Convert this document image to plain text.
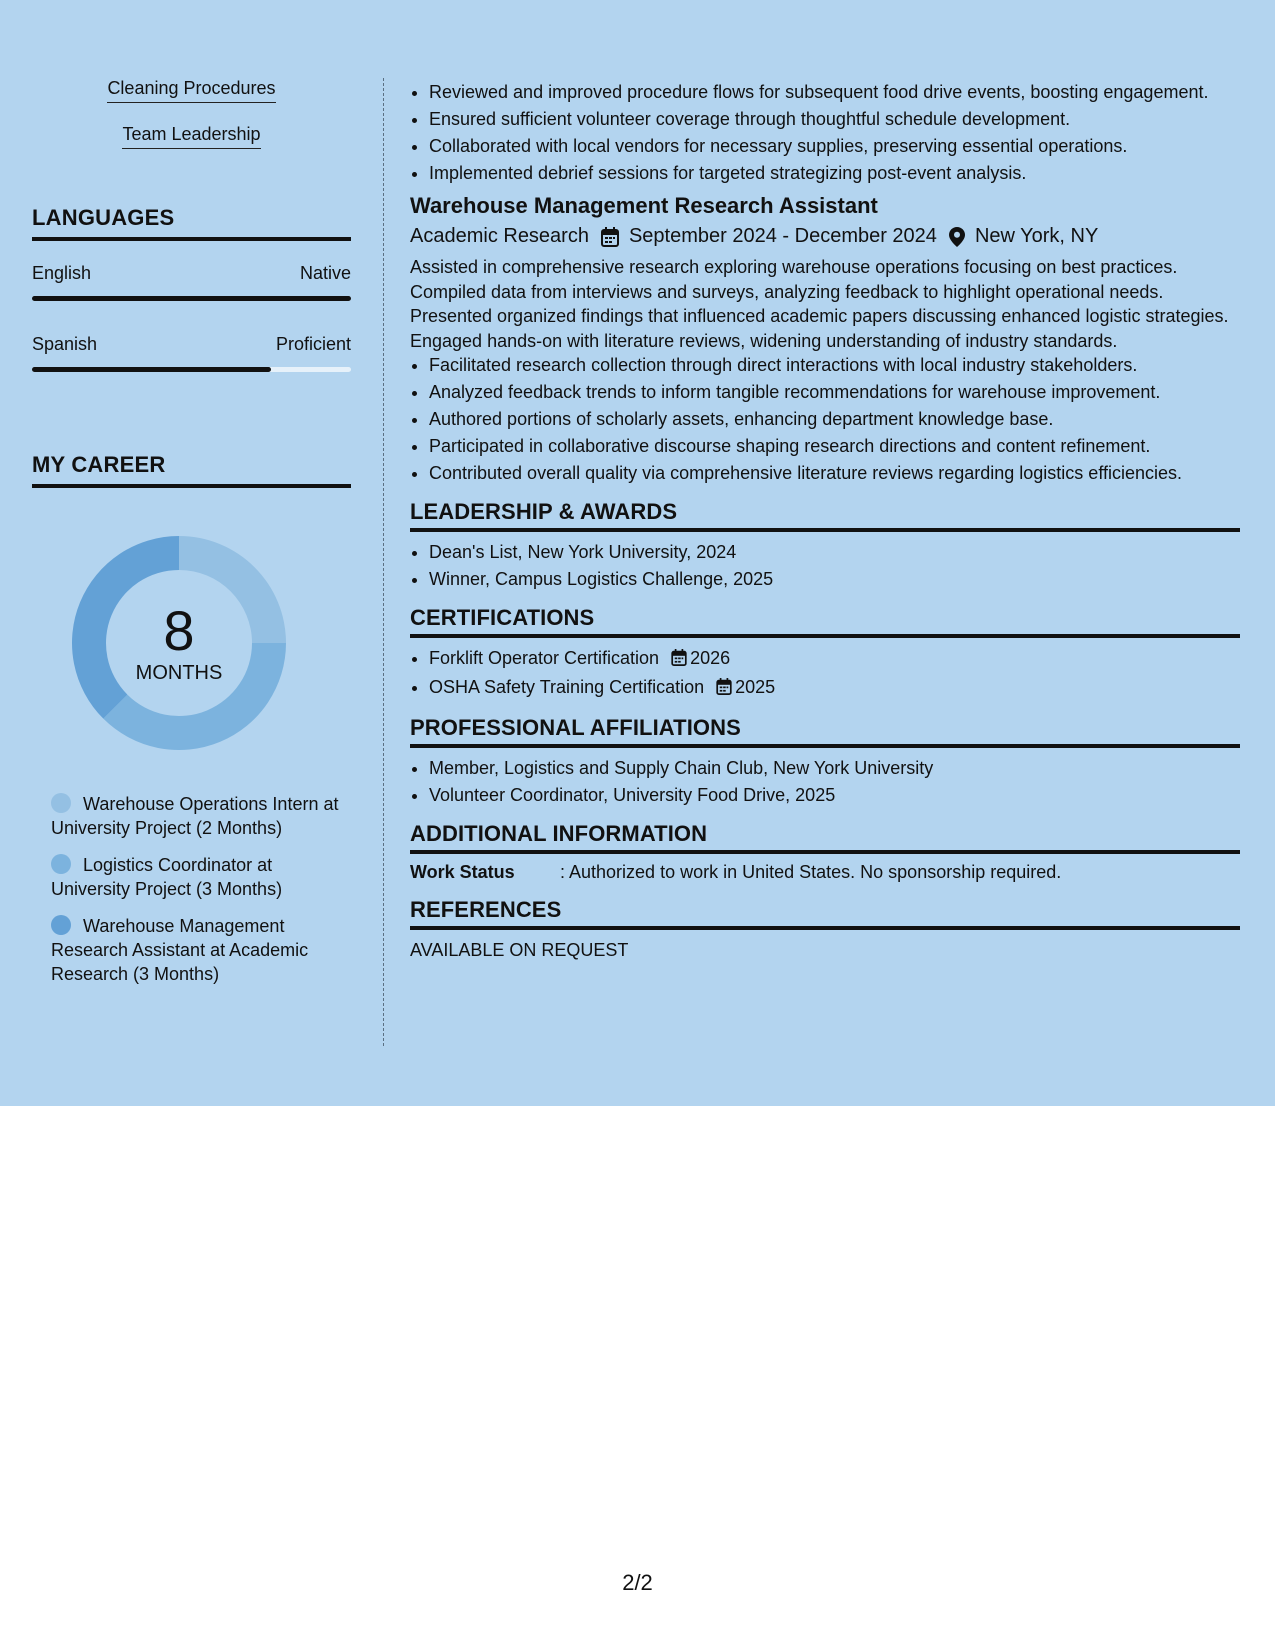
Cleaning Procedures
Team Leadership
LANGUAGES
English	Native
Spanish	Proficient
MY CAREER
8
MONTHS
Warehouse Operations Intern at University Project (2 Months)
Logistics Coordinator at University Project (3 Months)
Warehouse Management Research Assistant at Academic Research (3 Months)
• Reviewed and improved procedure flows for subsequent food drive events, boosting engagement.
• Ensured sufficient volunteer coverage through thoughtful schedule development.
• Collaborated with local vendors for necessary supplies, preserving essential operations.
• Implemented debrief sessions for targeted strategizing post-event analysis.
Warehouse Management Research Assistant
Academic Research September 2024 - December 2024 New York, NY
Assisted in comprehensive research exploring warehouse operations focusing on best practices. Compiled data from interviews and surveys, analyzing feedback to highlight operational needs. Presented organized findings that influenced academic papers discussing enhanced logistic strategies. Engaged hands-on with literature reviews, widening understanding of industry standards.
• Facilitated research collection through direct interactions with local industry stakeholders.
• Analyzed feedback trends to inform tangible recommendations for warehouse improvement.
• Authored portions of scholarly assets, enhancing department knowledge base.
• Participated in collaborative discourse shaping research directions and content refinement.
• Contributed overall quality via comprehensive literature reviews regarding logistics efficiencies.
LEADERSHIP & AWARDS
• Dean's List, New York University, 2024
• Winner, Campus Logistics Challenge, 2025
CERTIFICATIONS
• Forklift Operator Certification 2026
• OSHA Safety Training Certification 2025
PROFESSIONAL AFFILIATIONS
• Member, Logistics and Supply Chain Club, New York University
• Volunteer Coordinator, University Food Drive, 2025
ADDITIONAL INFORMATION
Work Status	: Authorized to work in United States. No sponsorship required.
REFERENCES
AVAILABLE ON REQUEST
2/2
